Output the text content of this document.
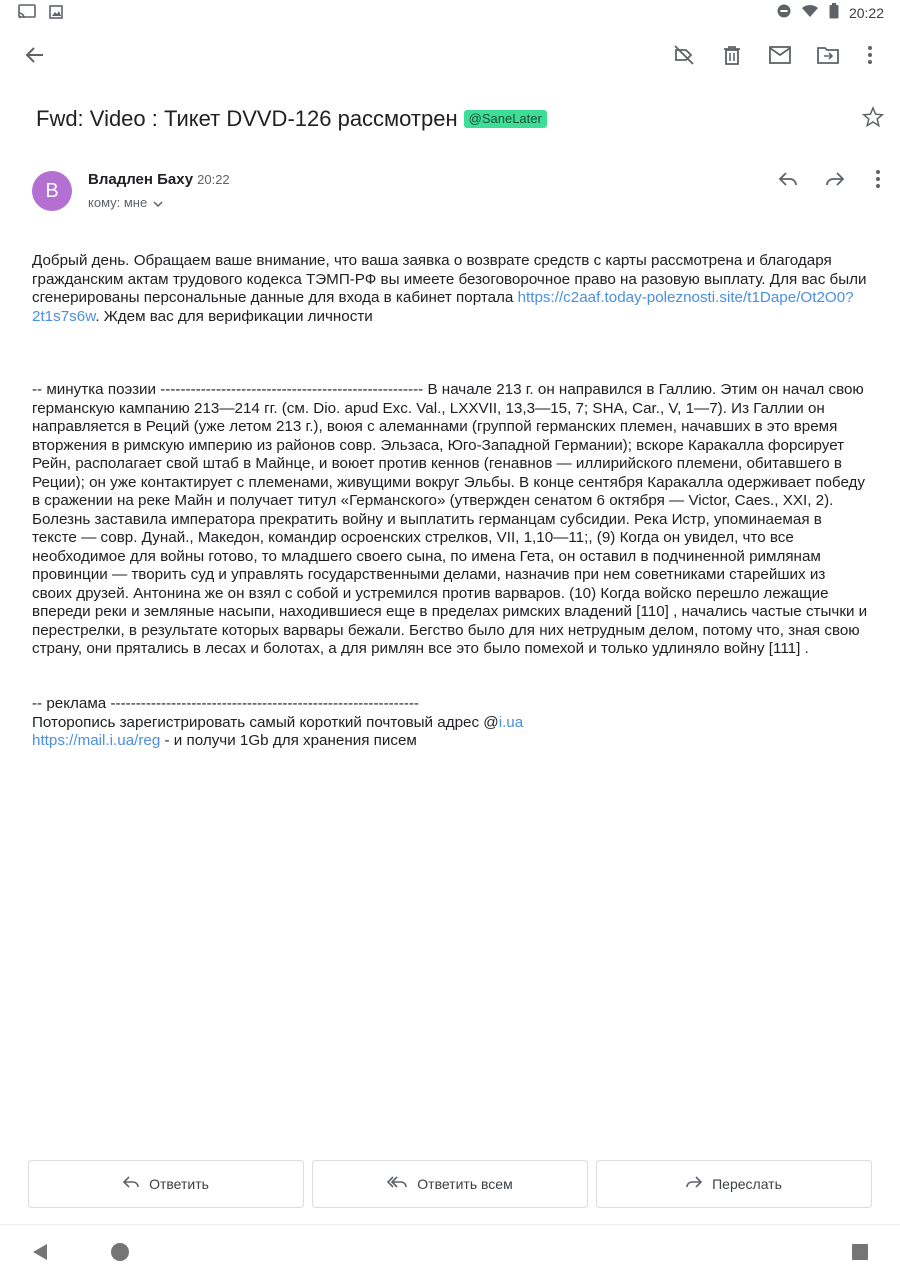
20:22
Fwd: Video : Тикет DVVD-126 рассмотрен @SaneLater
B	Владлен Баху 20:22
кому: мне
Добрый день. Обращаем ваше внимание, что ваша заявка о возврате средств с карты рассмотрена и благодаря гражданским актам трудового кодекса ТЭМП-РФ вы имеете безоговорочное право на разовую выплату. Для вас были сгенерированы персональные данные для входа в кабинет портала https://c2aaf.today-poleznosti.site/t1Dape/Ot2O0?2t1s7s6w. Ждем вас для верификации личности
-- минутка поэзии ---------------------------------------------------- В начале 213 г. он направился в Галлию. Этим он начал свою германскую кампанию 213—214 гг. (см. Dio. apud Exc. Val., LXXVII, 13,3—15, 7; SHA, Car., V, 1—7). Из Галлии он направляется в Реций (уже летом 213 г.), воюя с алеманнами (группой германских племен, начавших в это время вторжения в римскую империю из районов совр. Эльзаса, Юго-Западной Германии); вскоре Каракалла форсирует Рейн, располагает свой штаб в Майнце, и воюет против кеннов (генавнов — иллирийского племени, обитавшего в Реции); он уже контактирует с племенами, живущими вокруг Эльбы. В конце сентября Каракалла одерживает победу в сражении на реке Майн и получает титул «Германского» (утвержден сенатом 6 октября — Victor, Caes., XXI, 2). Болезнь заставила императора прекратить войну и выплатить германцам субсидии. Река Истр, упоминаемая в тексте — совр. Дунай., Македон, командир осроенских стрелков, VII, 1,10—11;, (9) Когда он увидел, что все необходимое для войны готово, то младшего своего сына, по имена Гета, он оставил в подчиненной римлянам провинции — творить суд и управлять государственными делами, назначив при нем советниками старейших из своих друзей. Антонина же он взял с собой и устремился против варваров. (10) Когда войско перешло лежащие впереди реки и земляные насыпи, находившиеся еще в пределах римских владений [110] , начались частые стычки и перестрелки, в результате которых варвары бежали. Бегство было для них нетрудным делом, потому что, зная свою страну, они прятались в лесах и болотах, а для римлян все это было помехой и только удлиняло войну [111] .
-- реклама -------------------------------------------------------------
Поторопись зарегистрировать самый короткий почтовый адрес @i.ua
https://mail.i.ua/reg - и получи 1Gb для хранения писем
Ответить	Ответить всем	Переслать
